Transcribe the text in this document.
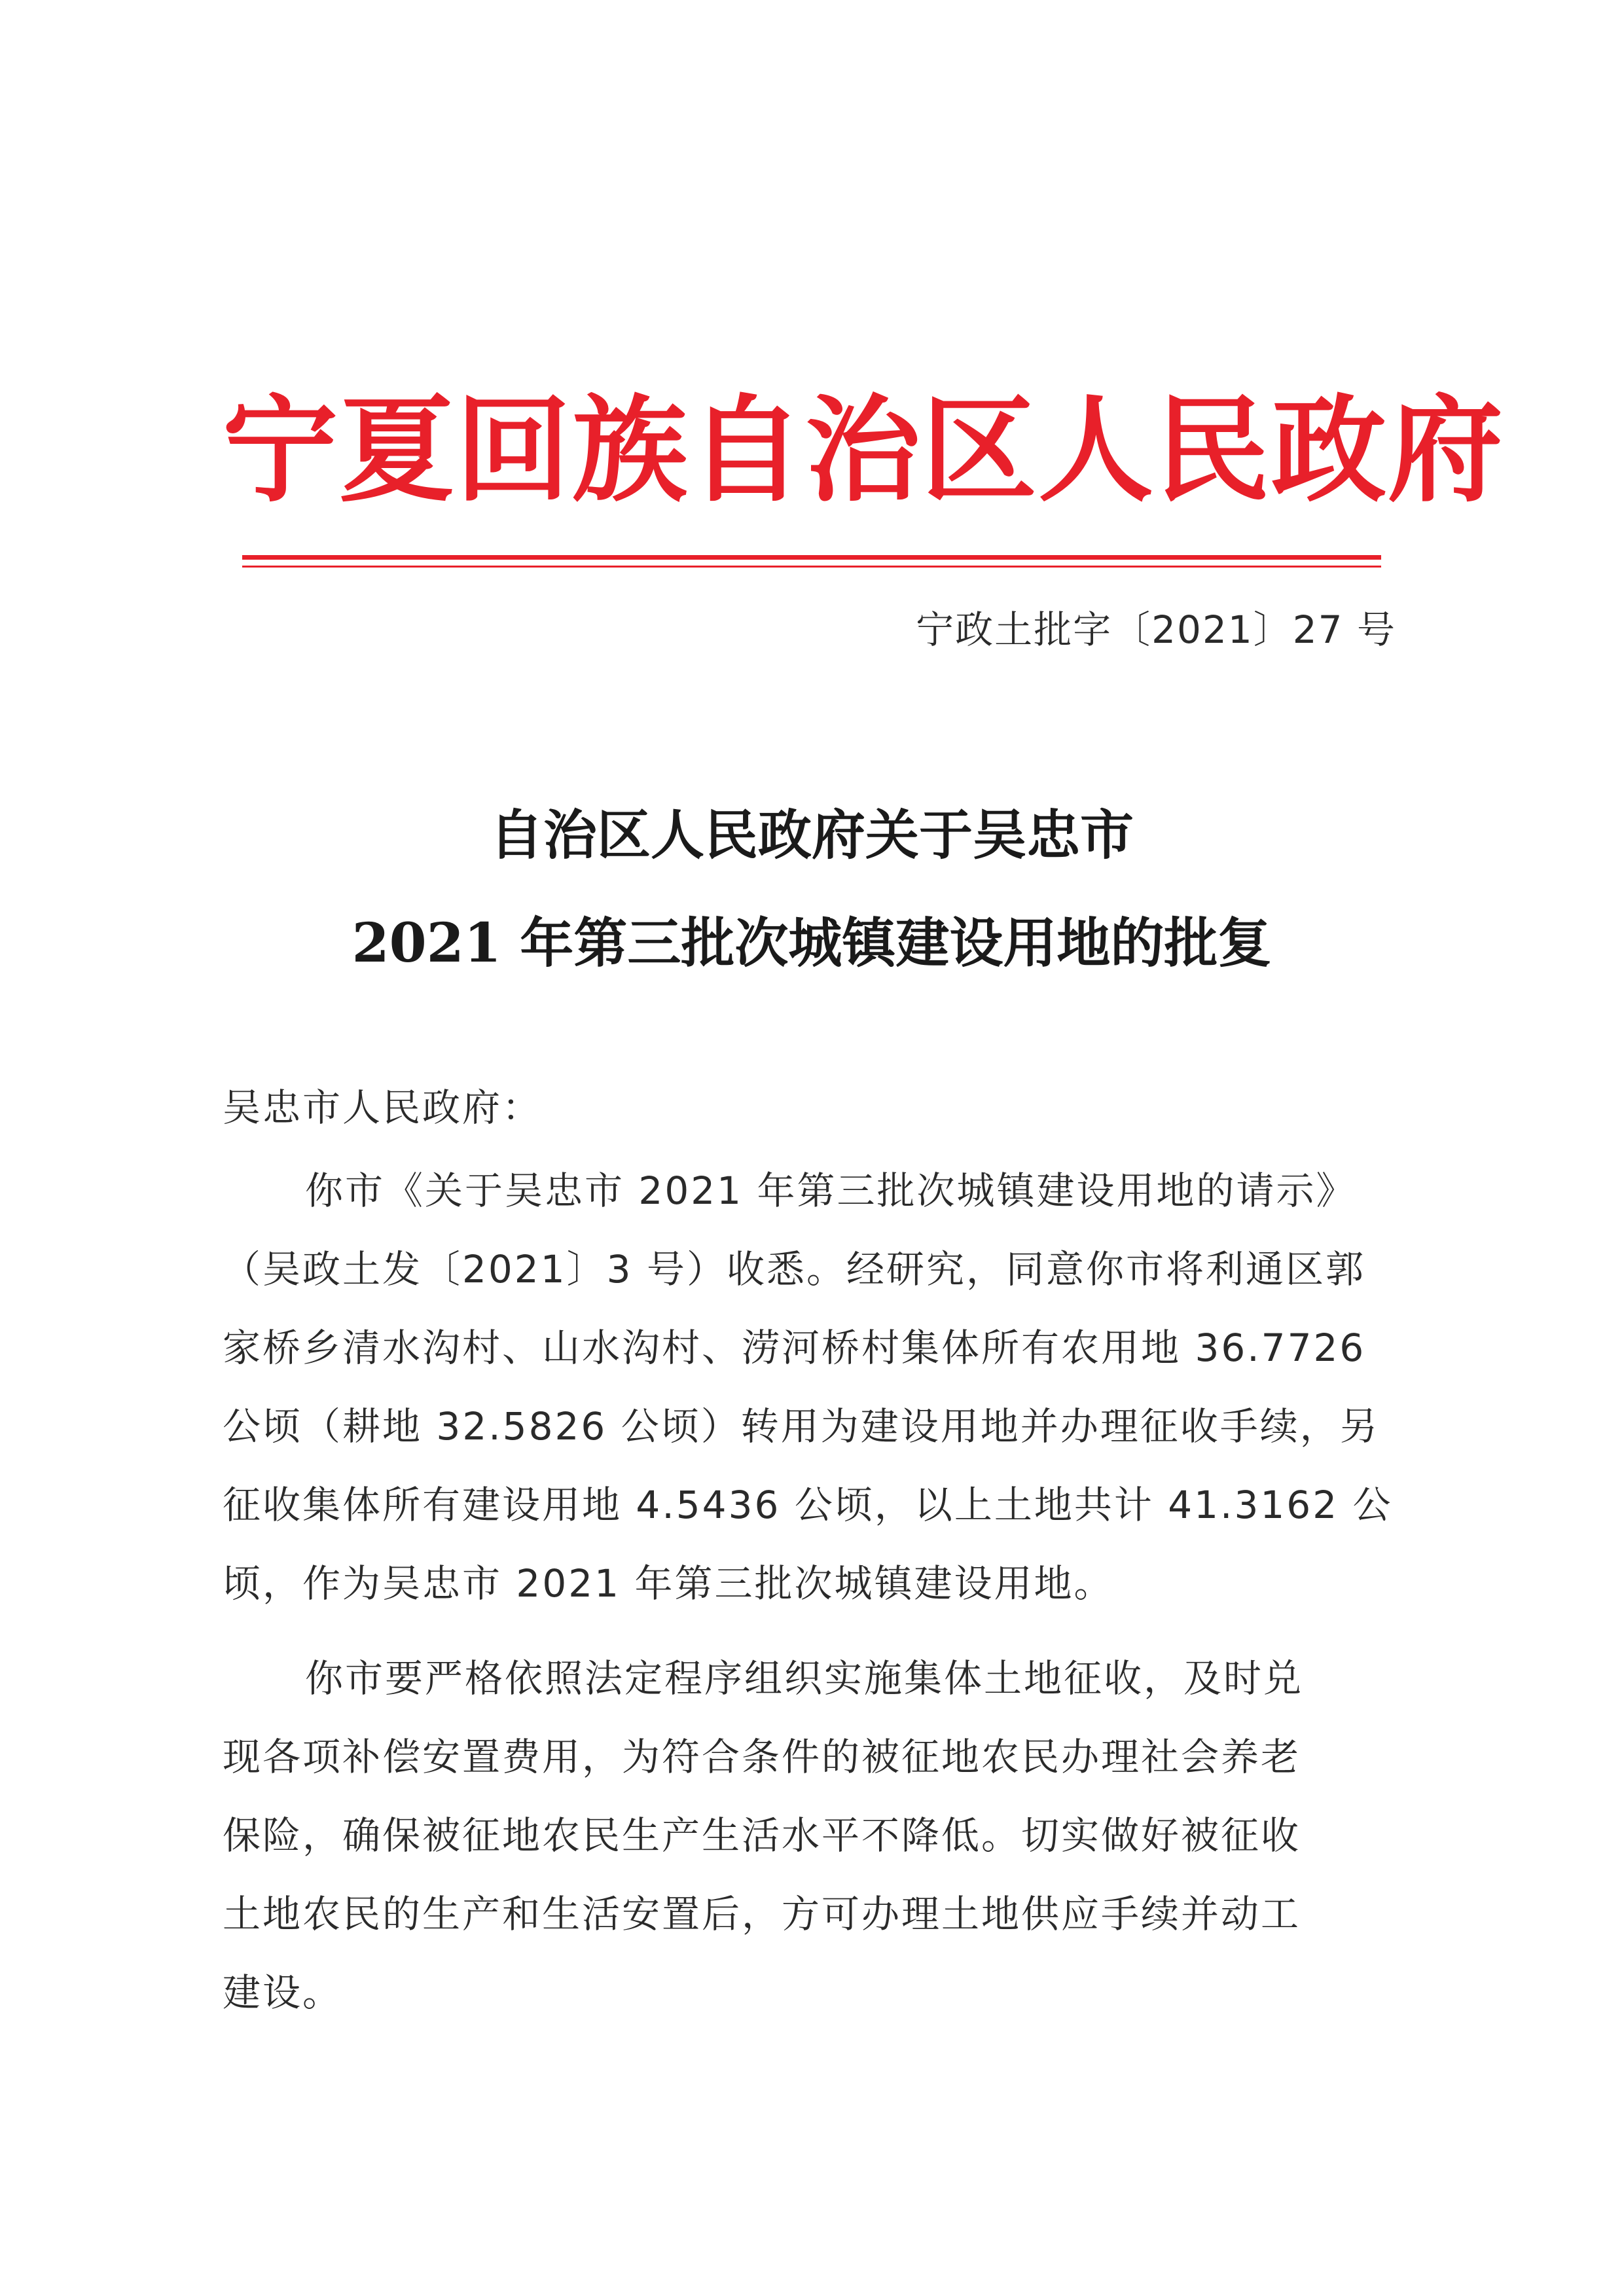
宁夏回族自治区人民政府
宁政土批字〔2021〕27 号
自治区人民政府关于吴忠市
2021 年第三批次城镇建设用地的批复
吴忠市人民政府：
你市《关于吴忠市 2021 年第三批次城镇建设用地的请示》
（吴政土发〔2021〕3 号）收悉。经研究，同意你市将利通区郭
家桥乡清水沟村、山水沟村、涝河桥村集体所有农用地 36.7726
公顷（耕地 32.5826 公顷）转用为建设用地并办理征收手续，另
征收集体所有建设用地 4.5436 公顷，以上土地共计 41.3162 公
顷，作为吴忠市 2021 年第三批次城镇建设用地。
你市要严格依照法定程序组织实施集体土地征收，及时兑
现各项补偿安置费用，为符合条件的被征地农民办理社会养老
保险，确保被征地农民生产生活水平不降低。切实做好被征收
土地农民的生产和生活安置后，方可办理土地供应手续并动工
建设。
